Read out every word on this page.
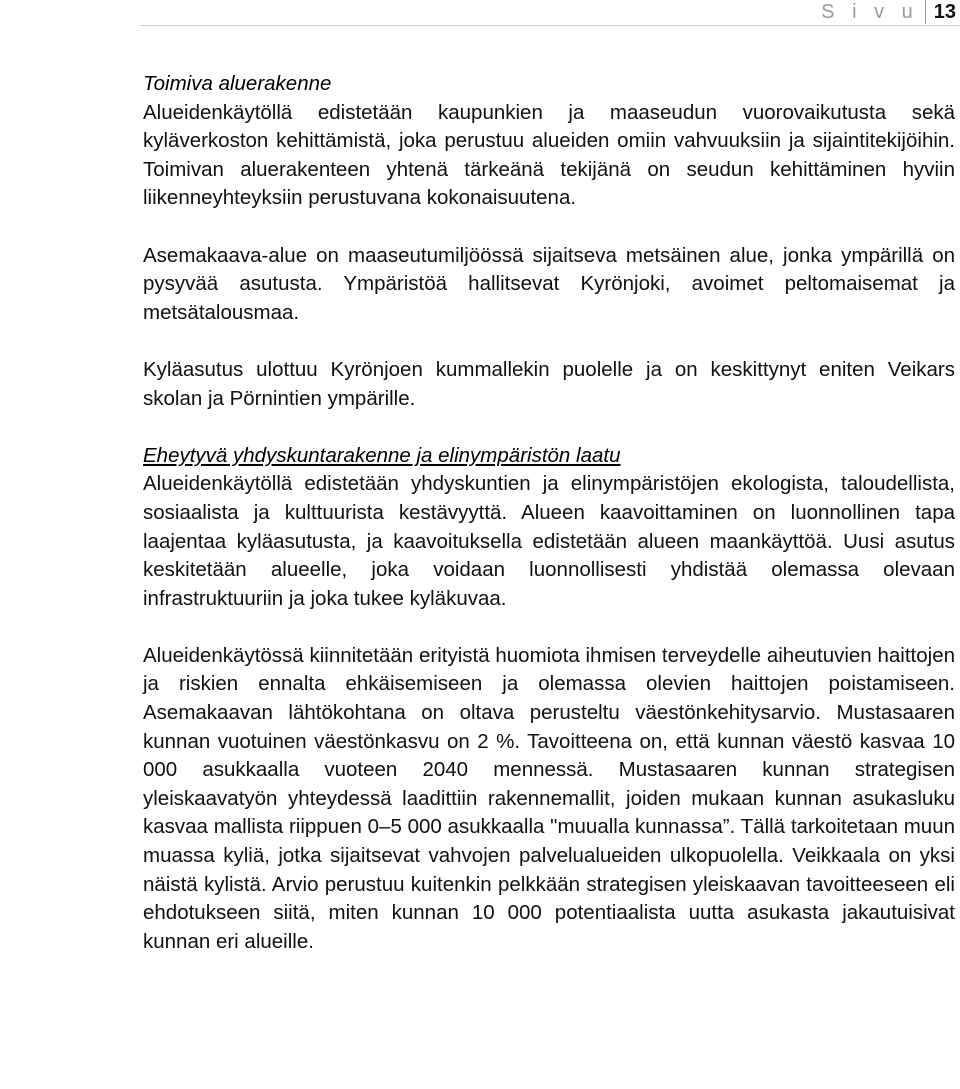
S i v u 13
Toimiva aluerakenne

Alueidenkäytöllä edistetään kaupunkien ja maaseudun vuorovaikutusta sekä kyläverkoston kehittämistä, joka perustuu alueiden omiin vahvuuksiin ja sijaintitekijöihin. Toimivan aluerakenteen yhtenä tärkeänä tekijänä on seudun kehittäminen hyviin liikenneyhteyksiin perustuvana kokonaisuutena.

Asemakaava-alue on maaseutumiljöössä sijaitseva metsäinen alue, jonka ympärillä on pysyvää asutusta. Ympäristöä hallitsevat Kyrönjoki, avoimet peltomaisemat ja metsätalousmaa.

Kyläasutus ulottuu Kyrönjoen kummallekin puolelle ja on keskittynyt eniten Veikars skolan ja Pörnintien ympärille.

Eheytyvä yhdyskuntarakenne ja elinympäristön laatu

Alueidenkäytöllä edistetään yhdyskuntien ja elinympäristöjen ekologista, taloudellista, sosiaalista ja kulttuurista kestävyyttä. Alueen kaavoittaminen on luonnollinen tapa laajentaa kyläasutusta, ja kaavoituksella edistetään alueen maankäyttöä. Uusi asutus keskitetään alueelle, joka voidaan luonnollisesti yhdistää olemassa olevaan infrastruktuuriin ja joka tukee kyläkuvaa.

Alueidenkäytössä kiinnitetään erityistä huomiota ihmisen terveydelle aiheutuvien haittojen ja riskien ennalta ehkäisemiseen ja olemassa olevien haittojen poistamiseen. Asemakaavan lähtökohtana on oltava perusteltu väestönkehitysarvio. Mustasaaren kunnan vuotuinen väestönkasvu on 2 %. Tavoitteena on, että kunnan väestö kasvaa 10 000 asukkaalla vuoteen 2040 mennessä. Mustasaaren kunnan strategisen yleiskaavatyön yhteydessä laadittiin rakennemallit, joiden mukaan kunnan asukasluku kasvaa mallista riippuen 0–5 000 asukkaalla "muualla kunnassa”. Tällä tarkoitetaan muun muassa kyliä, jotka sijaitsevat vahvojen palvelualueiden ulkopuolella. Veikkaala on yksi näistä kylistä. Arvio perustuu kuitenkin pelkkään strategisen yleiskaavan tavoitteeseen eli ehdotukseen siitä, miten kunnan 10 000 potentiaalista uutta asukasta jakautuisivat kunnan eri alueille.
